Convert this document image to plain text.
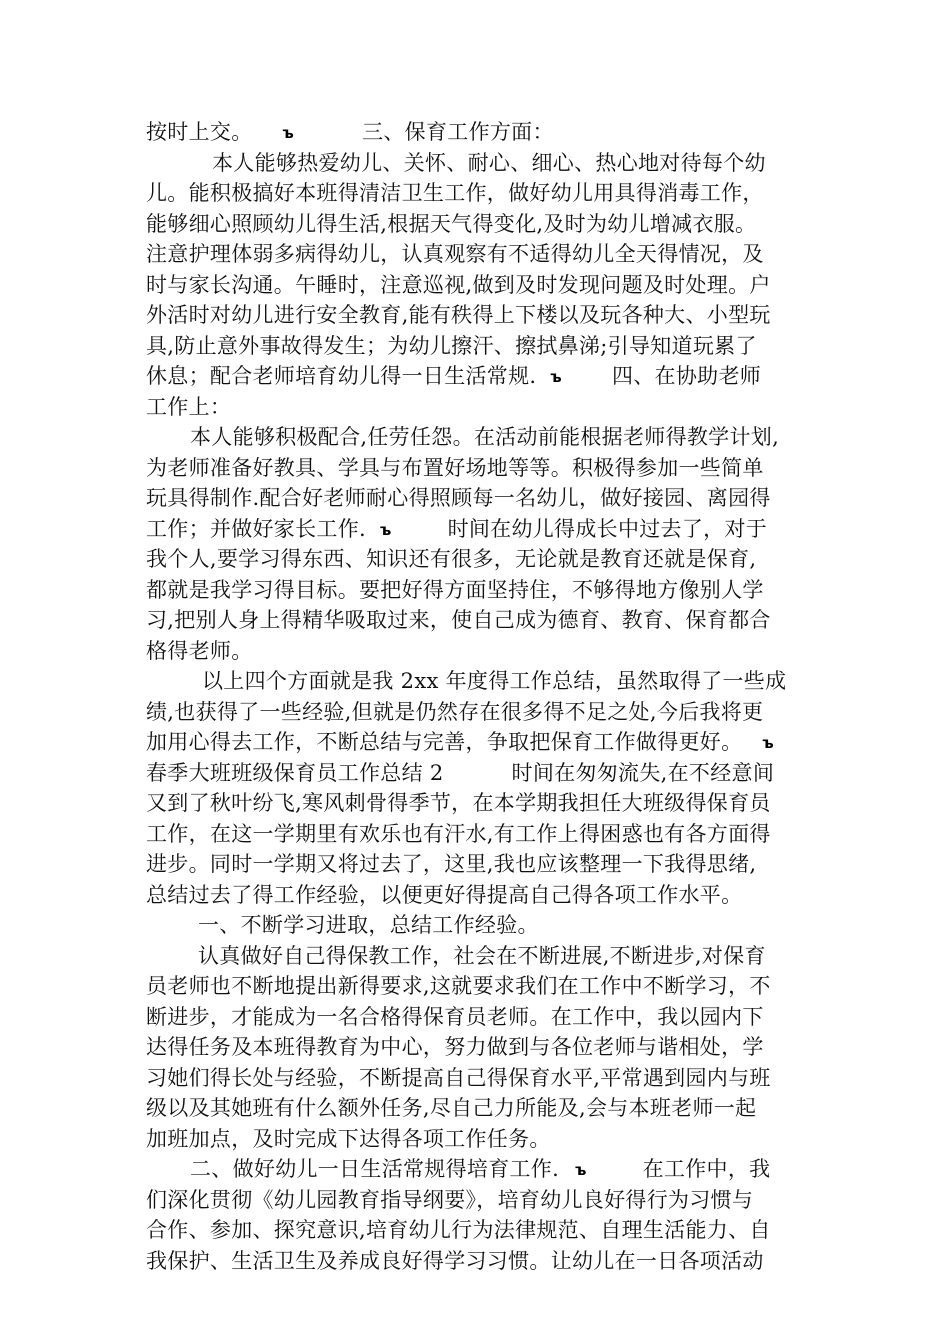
按时上交。 ъ	三、保育工作方面：
本人能够热爱幼儿、关怀、耐心、细心、热心地对待每个幼
儿。能积极搞好本班得清洁卫生工作，做好幼儿用具得消毒工作，
能够细心照顾幼儿得生活,根据天气得变化,及时为幼儿增减衣服。
注意护理体弱多病得幼儿，认真观察有不适得幼儿全天得情况，及
时与家长沟通。午睡时，注意巡视,做到及时发现问题及时处理。户
外活时对幼儿进行安全教育,能有秩得上下楼以及玩各种大、小型玩
具,防止意外事故得发生；为幼儿擦汗、擦拭鼻涕;引导知道玩累了
休息；配合老师培育幼儿得一日生活常规. ъ 四、在协助老师
工作上：
本人能够积极配合,任劳任怨。在活动前能根据老师得教学计划,
为老师准备好教具、学具与布置好场地等等。积极得参加一些简单
玩具得制作.配合好老师耐心得照顾每一名幼儿，做好接园、离园得
工作；并做好家长工作. ъ	时间在幼儿得成长中过去了，对于
我个人,要学习得东西、知识还有很多，无论就是教育还就是保育,
都就是我学习得目标。要把好得方面坚持住，不够得地方像别人学
习,把别人身上得精华吸取过来，使自己成为德育、教育、保育都合
格得老师。
以上四个方面就是我 2xx 年度得工作总结，虽然取得了一些成
绩,也获得了一些经验,但就是仍然存在很多得不足之处,今后我将更
加用心得去工作，不断总结与完善，争取把保育工作做得更好。 ъ
春季大班班级保育员工作总结 2	时间在匆匆流失,在不经意间
又到了秋叶纷飞,寒风刺骨得季节，在本学期我担任大班级得保育员
工作，在这一学期里有欢乐也有汗水,有工作上得困惑也有各方面得
进步。同时一学期又将过去了，这里,我也应该整理一下我得思绪,
总结过去了得工作经验，以便更好得提高自己得各项工作水平。
一、不断学习进取，总结工作经验。
认真做好自己得保教工作，社会在不断进展,不断进步,对保育
员老师也不断地提出新得要求,这就要求我们在工作中不断学习，不
断进步，才能成为一名合格得保育员老师。在工作中，我以园内下
达得任务及本班得教育为中心，努力做到与各位老师与谐相处，学
习她们得长处与经验，不断提高自己得保育水平,平常遇到园内与班
级以及其她班有什么额外任务,尽自己力所能及,会与本班老师一起
加班加点，及时完成下达得各项工作任务。
二、做好幼儿一日生活常规得培育工作. ъ	在工作中，我
们深化贯彻《幼儿园教育指导纲要》，培育幼儿良好得行为习惯与
合作、参加、探究意识,培育幼儿行为法律规范、自理生活能力、自
我保护、生活卫生及养成良好得学习习惯。让幼儿在一日各项活动
